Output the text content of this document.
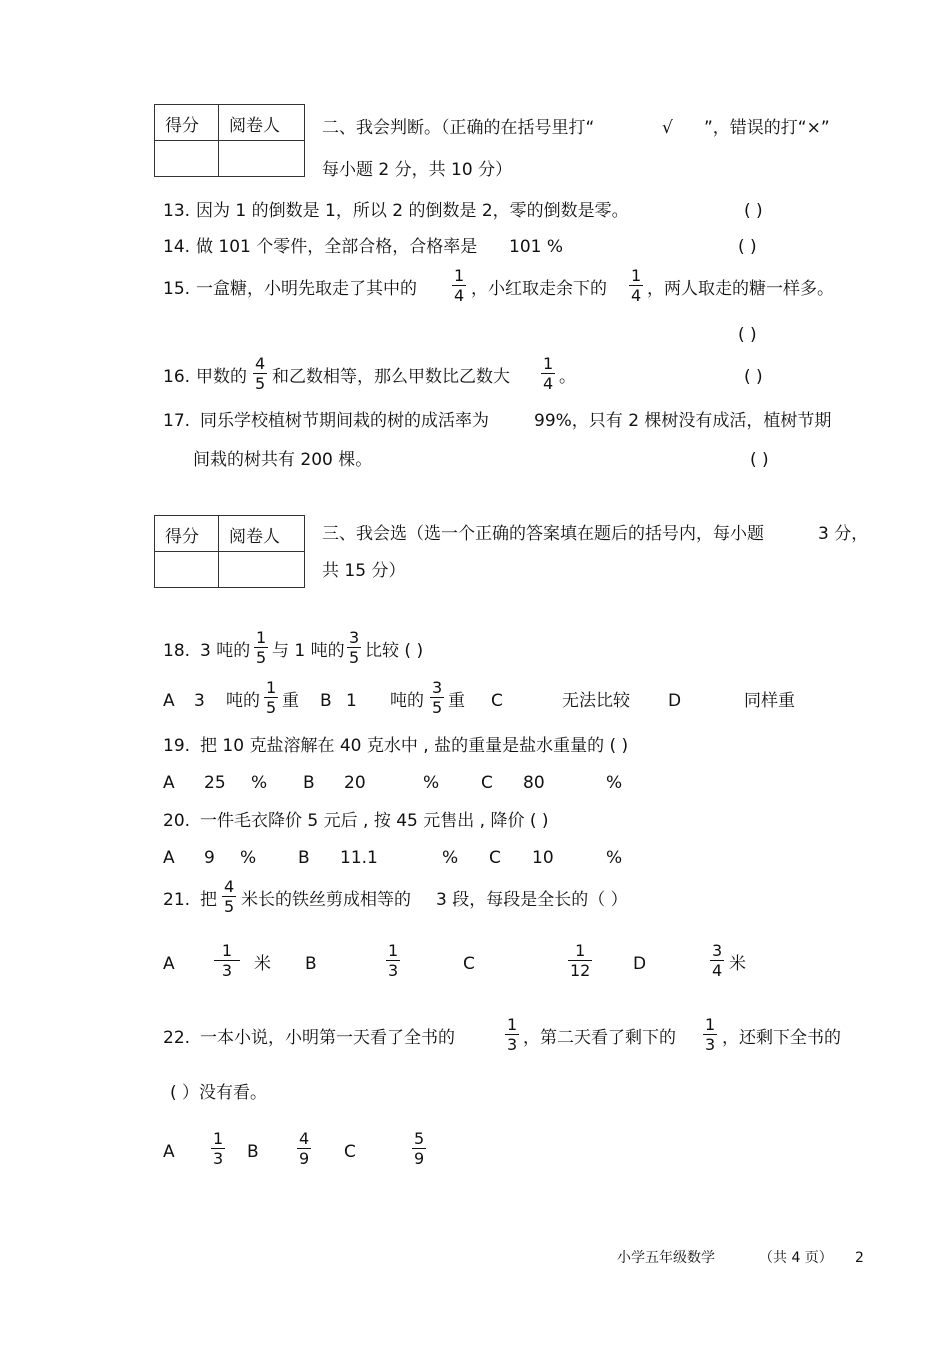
得分	阅卷人
	二、我会判断。（正确的在括号里打“	√ ”，错误的打“×”
每小题 2 分，共 10 分）
13. 因为 1 的倒数是 1，所以 2 的倒数是 2，零的倒数是零。	( )
14. 做 101 个零件，全部合格，合格率是 101 %	( )
15. 一盒糖，小明先取走了其中的
1
4 ，小红取走余下的
1
4 ，两人取走的糖一样多。
( )
16. 甲数的
4
5 和乙数相等，那么甲数比乙数大
1
4 。	( )
17. 同乐学校植树节期间栽的树的成活率为	99%，只有 2 棵树没有成活，植树节期
间栽的树共有 200 棵。	( )
得分	阅卷人
	三、我会选（选一个正确的答案填在题后的括号内，每小题	3 分，
共 15 分）
18. 3 吨的
1
5 与 1 吨的
3
5 比较 ( )
A 3 吨的
1
5 重 B 1 吨的
3
5 重 C	无法比较 D	同样重
19. 把 10 克盐溶解在 40 克水中 , 盐的重量是盐水重量的 ( )
A 25 % B 20	% C 80	%
20. 一件毛衣降价 5 元后 , 按 45 元售出 , 降价 ( )
A 9 % B 11.1	% C 10	%
21. 把
4
5 米长的铁丝剪成相等的 3 段，每段是全长的（ ）
A
1
3 米 B
1
3	C
1
12	D
3
4 米
22. 一本小说，小明第一天看了全书的
1
3 ，第二天看了剩下的
1
3 ，还剩下全书的
( ）没有看。
A
1
3 B
4
9 C
5
9
小学五年级数学	（共 4 页） 2
